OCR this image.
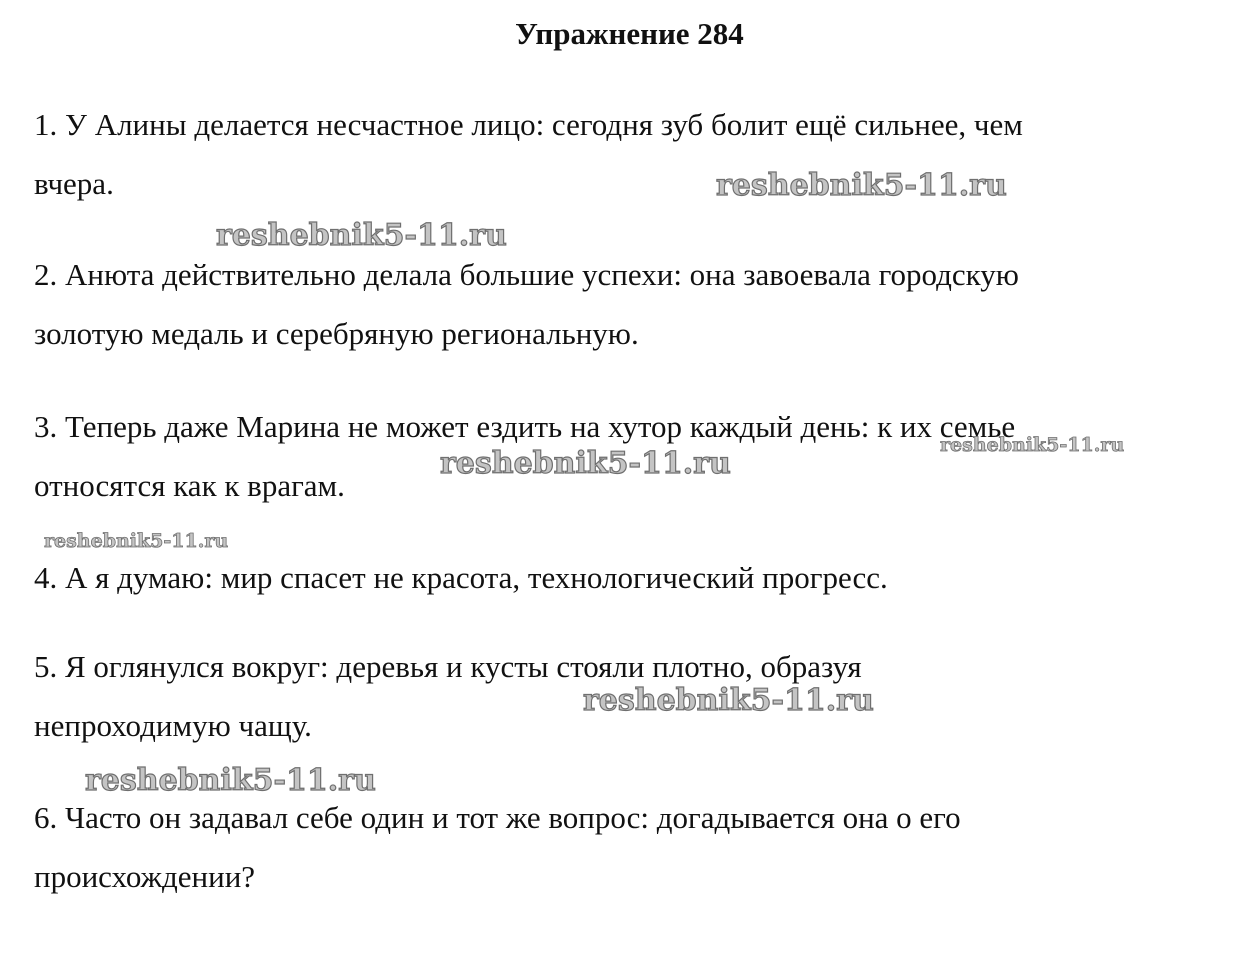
Упражнение 284

1. У Алины делается несчастное лицо: сегодня зуб болит ещё сильнее, чем
вчера.

2. Анюта действительно делала большие успехи: она завоевала городскую
золотую медаль и серебряную региональную.

3. Теперь даже Марина не может ездить на хутор каждый день: к их семье
относятся как к врагам.

4. А я думаю: мир спасет не красота, технологический прогресс.

5. Я оглянулся вокруг: деревья и кусты стояли плотно, образуя
непроходимую чащу.

6. Часто он задавал себе один и тот же вопрос: догадывается она о его
происхождении?

reshebnik5-11.ru
reshebnik5-11.ru
reshebnik5-11.ru
reshebnik5-11.ru
reshebnik5-11.ru
reshebnik5-11.ru
reshebnik5-11.ru
